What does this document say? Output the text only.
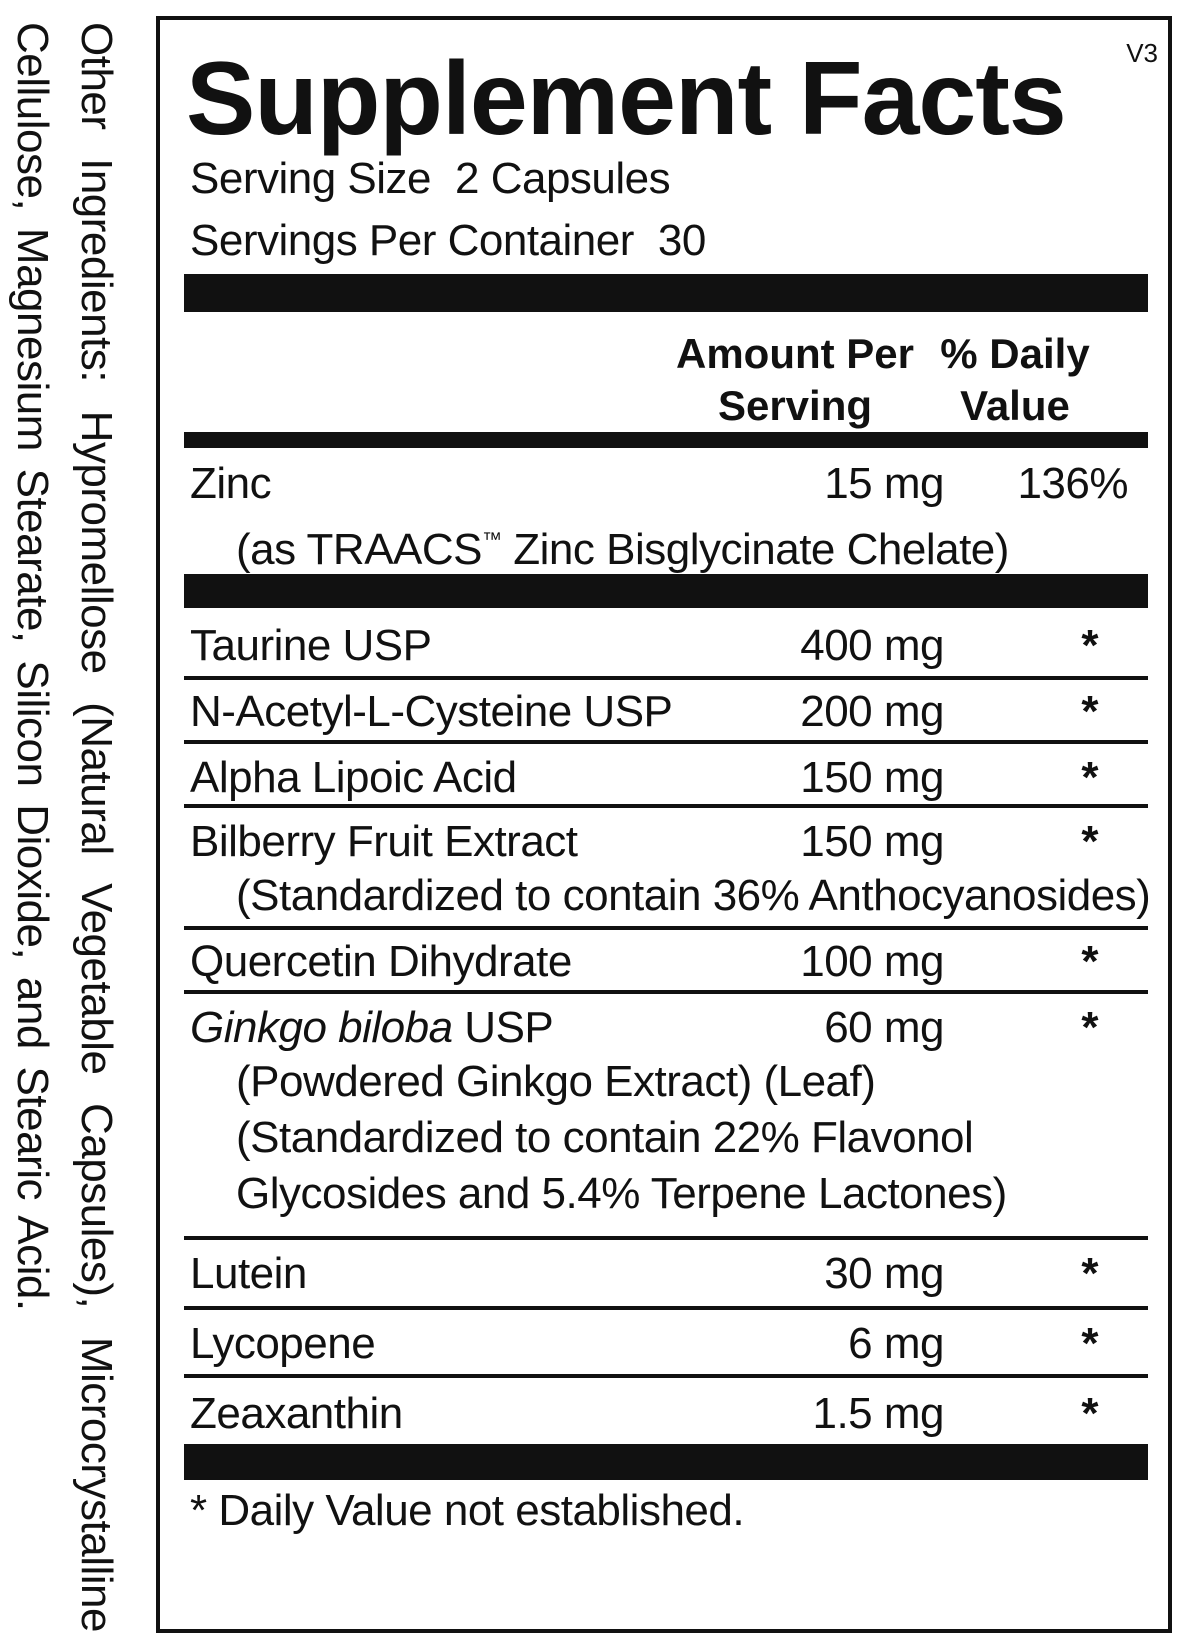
Other Ingredients: Hypromellose (Natural Vegetable Capsules), Microcrystalline Cellulose, Magnesium Stearate, Silicon Dioxide, and Stearic Acid.	V3
Supplement Facts
Serving Size 2 Capsules
Servings Per Container 30
Amount Per
Serving
% Daily
Value
Zinc	15 mg 136%
(as TRAACS™ Zinc Bisglycinate Chelate)
Taurine USP	400 mg	*
N-Acetyl-L-Cysteine USP	200 mg	*
Alpha Lipoic Acid	150 mg	*
Bilberry Fruit Extract	150 mg	*
(Standardized to contain 36% Anthocyanosides)
Quercetin Dihydrate	100 mg	*
Ginkgo biloba USP	60 mg	*
(Powdered Ginkgo Extract) (Leaf)
(Standardized to contain 22% Flavonol
Glycosides and 5.4% Terpene Lactones)
Lutein	30 mg	*
Lycopene	6 mg	*
Zeaxanthin	1.5 mg	*
* Daily Value not established.
